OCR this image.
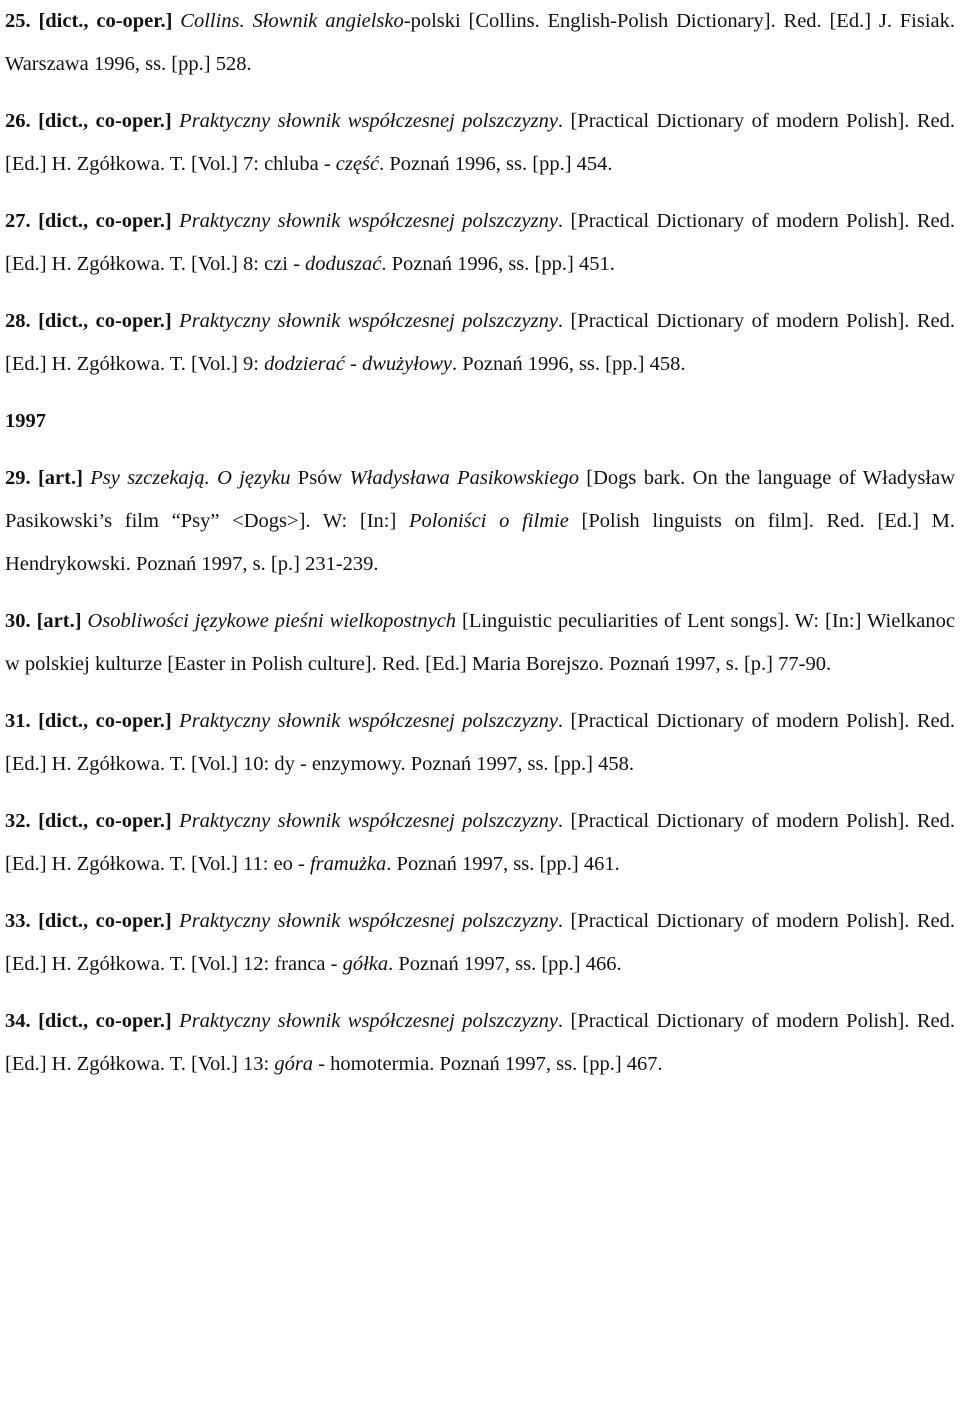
25. [dict., co-oper.] Collins. Słownik angielsko-polski [Collins. English-Polish Dictionary]. Red. [Ed.] J. Fisiak. Warszawa 1996, ss. [pp.] 528.

26. [dict., co-oper.] Praktyczny słownik współczesnej polszczyzny. [Practical Dictionary of modern Polish]. Red. [Ed.] H. Zgółkowa. T. [Vol.] 7: chluba - część. Poznań 1996, ss. [pp.] 454.

27. [dict., co-oper.] Praktyczny słownik współczesnej polszczyzny. [Practical Dictionary of modern Polish]. Red. [Ed.] H. Zgółkowa. T. [Vol.] 8: czi - doduszać. Poznań 1996, ss. [pp.] 451.

28. [dict., co-oper.] Praktyczny słownik współczesnej polszczyzny. [Practical Dictionary of modern Polish]. Red. [Ed.] H. Zgółkowa. T. [Vol.] 9: dodzierać - dwużyłowy. Poznań 1996, ss. [pp.] 458.

1997

29. [art.] Psy szczekają. O języku Psów Władysława Pasikowskiego [Dogs bark. On the language of Władysław Pasikowski’s film “Psy” <Dogs>]. W: [In:] Poloniści o filmie [Polish linguists on film]. Red. [Ed.] M. Hendrykowski. Poznań 1997, s. [p.] 231-239.

30. [art.] Osobliwości językowe pieśni wielkopostnych [Linguistic peculiarities of Lent songs]. W: [In:] Wielkanoc w polskiej kulturze [Easter in Polish culture]. Red. [Ed.] Maria Borejszo. Poznań 1997, s. [p.] 77-90.

31. [dict., co-oper.] Praktyczny słownik współczesnej polszczyzny. [Practical Dictionary of modern Polish]. Red. [Ed.] H. Zgółkowa. T. [Vol.] 10: dy - enzymowy. Poznań 1997, ss. [pp.] 458.

32. [dict., co-oper.] Praktyczny słownik współczesnej polszczyzny. [Practical Dictionary of modern Polish]. Red. [Ed.] H. Zgółkowa. T. [Vol.] 11: eo - framużka. Poznań 1997, ss. [pp.] 461.

33. [dict., co-oper.] Praktyczny słownik współczesnej polszczyzny. [Practical Dictionary of modern Polish]. Red. [Ed.] H. Zgółkowa. T. [Vol.] 12: franca - gółka. Poznań 1997, ss. [pp.] 466.

34. [dict., co-oper.] Praktyczny słownik współczesnej polszczyzny. [Practical Dictionary of modern Polish]. Red. [Ed.] H. Zgółkowa. T. [Vol.] 13: góra - homotermia. Poznań 1997, ss. [pp.] 467.
